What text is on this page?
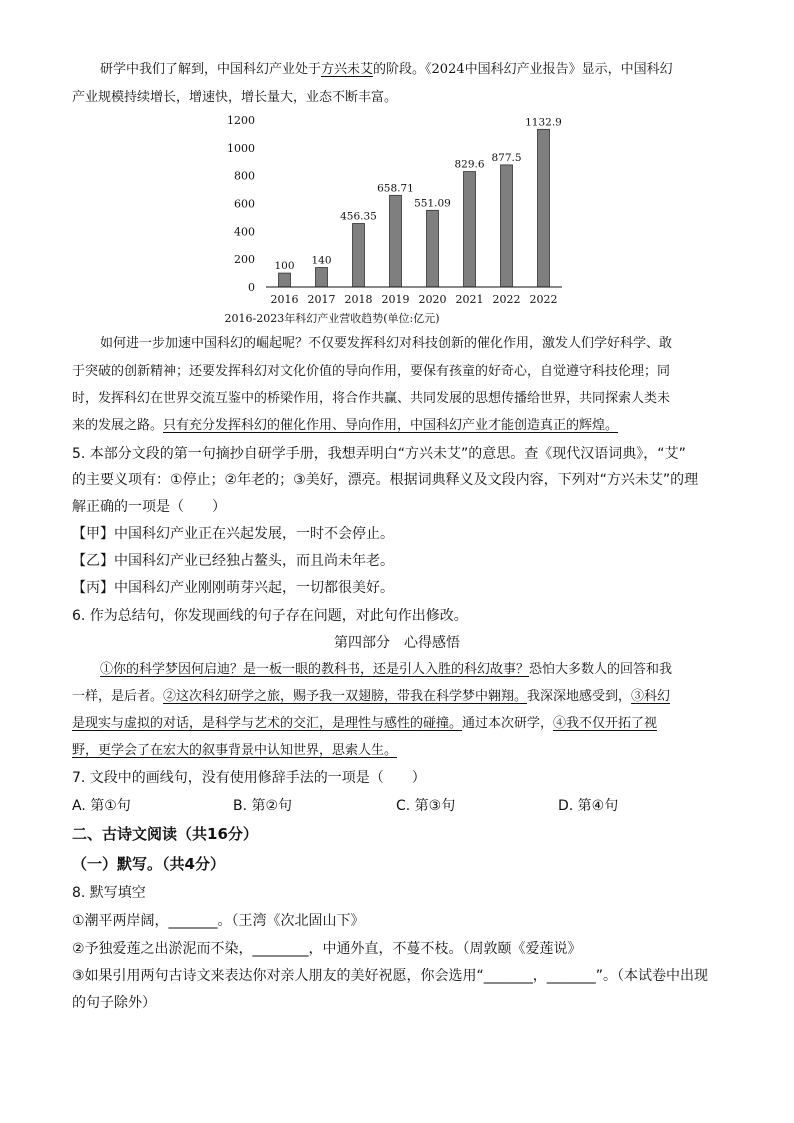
研学中我们了解到，中国科幻产业处于方兴未艾的阶段。《2024中国科幻产业报告》显示，中国科幻
产业规模持续增长，增速快，增长量大，业态不断丰富。
0
200
400
600
800
1000
1200
100 140
456.35
658.71
551.09
829.6
877.5
1132.9
2016 2017 2018 2019 2020 2021 2022 2022
2016-2023年科幻产业营收趋势(单位:亿元)
如何进一步加速中国科幻的崛起呢？不仅要发挥科幻对科技创新的催化作用，激发人们学好科学、敢
于突破的创新精神；还要发挥科幻对文化价值的导向作用，要保有孩童的好奇心，自觉遵守科技伦理；同
时，发挥科幻在世界交流互鉴中的桥梁作用，将合作共赢、共同发展的思想传播给世界，共同探索人类未
来的发展之路。只有充分发挥科幻的催化作用、导向作用，中国科幻产业才能创造真正的辉煌。
5. 本部分文段的第一句摘抄自研学手册，我想弄明白“方兴未艾”的意思。查《现代汉语词典》，“艾”
的主要义项有：①停止；②年老的；③美好，漂亮。根据词典释义及文段内容，下列对“方兴未艾”的理
解正确的一项是（　　）
【甲】中国科幻产业正在兴起发展，一时不会停止。
【乙】中国科幻产业已经独占鳌头，而且尚未年老。
【丙】中国科幻产业刚刚萌芽兴起，一切都很美好。
6. 作为总结句，你发现画线的句子存在问题，对此句作出修改。
第四部分　心得感悟
①你的科学梦因何启迪？是一板一眼的教科书，还是引人入胜的科幻故事？恐怕大多数人的回答和我
一样，是后者。②这次科幻研学之旅，赐予我一双翅膀，带我在科学梦中翱翔。我深深地感受到，③科幻
是现实与虚拟的对话，是科学与艺术的交汇，是理性与感性的碰撞。通过本次研学，④我不仅开拓了视
野，更学会了在宏大的叙事背景中认知世界，思索人生。
7. 文段中的画线句，没有使用修辞手法的一项是（　　）
A. 第①句	B. 第②句	C. 第③句	D. 第④句
二、古诗文阅读（共16分）
（一）默写。（共4分）
8. 默写填空
①潮平两岸阔，_______。（王湾《次北固山下》
②予独爱莲之出淤泥而不染，________，中通外直，不蔓不枝。（周敦颐《爱莲说》
③如果引用两句古诗文来表达你对亲人朋友的美好祝愿，你会选用“_______，_______”。（本试卷中出现
的句子除外）
